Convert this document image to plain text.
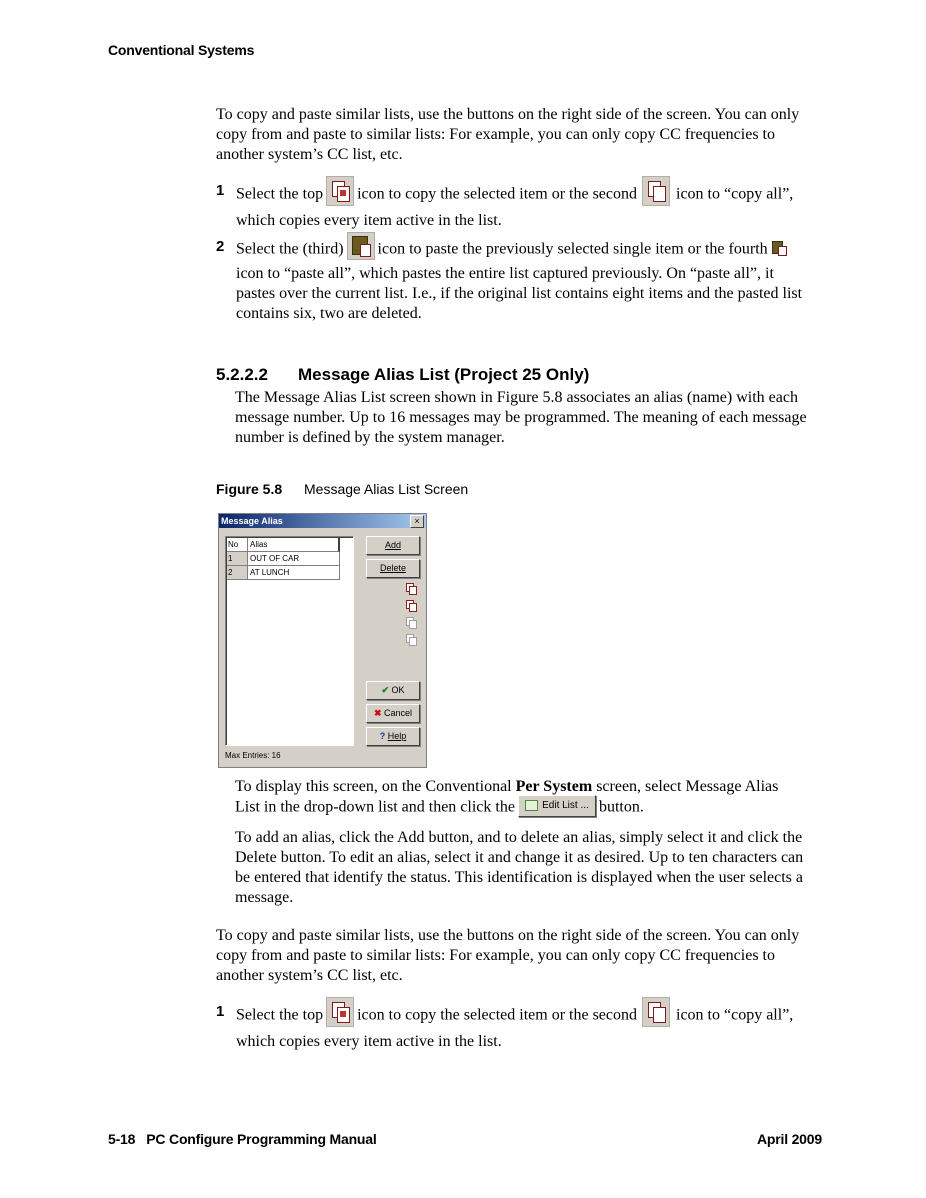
Conventional Systems
To copy and paste similar lists, use the buttons on the right side of the screen. You can only copy from and paste to similar lists: For example, you can only copy CC frequencies to another system’s CC list, etc.
1 Select the top icon to copy the selected item or the second icon to “copy all”,

which copies every item active in the list.

2 Select the (third) icon to paste the previously selected single item or the fourth

icon to “paste all”, which pastes the entire list captured previously. On “paste all”, it pastes over the current list. I.e., if the original list contains eight items and the pasted list contains six, two are deleted.

5.2.2.2 Message Alias List (Project 25 Only)
The Message Alias List screen shown in Figure 5.8 associates an alias (name) with each message number. Up to 16 messages may be programmed. The meaning of each message number is defined by the system manager.
Figure 5.8 Message Alias List Screen
Message Alias	×
No	Alias
1	OUT OF CAR
2	AT LUNCH
Add
Delete
✔ OK
✖ Cancel
? Help
Max Entries: 16

To display this screen, on the Conventional Per System screen, select Message Alias

List in the drop-down list and then click the	Edit List ... button.

To add an alias, click the Add button, and to delete an alias, simply select it and click the Delete button. To edit an alias, select it and change it as desired. Up to ten characters can be entered that identify the status. This identification is displayed when the user selects a message.
To copy and paste similar lists, use the buttons on the right side of the screen. You can only copy from and paste to similar lists: For example, you can only copy CC frequencies to another system’s CC list, etc.
1 Select the top icon to copy the selected item or the second icon to “copy all”,

which copies every item active in the list.

5-18   PC Configure Programming Manual	April 2009
